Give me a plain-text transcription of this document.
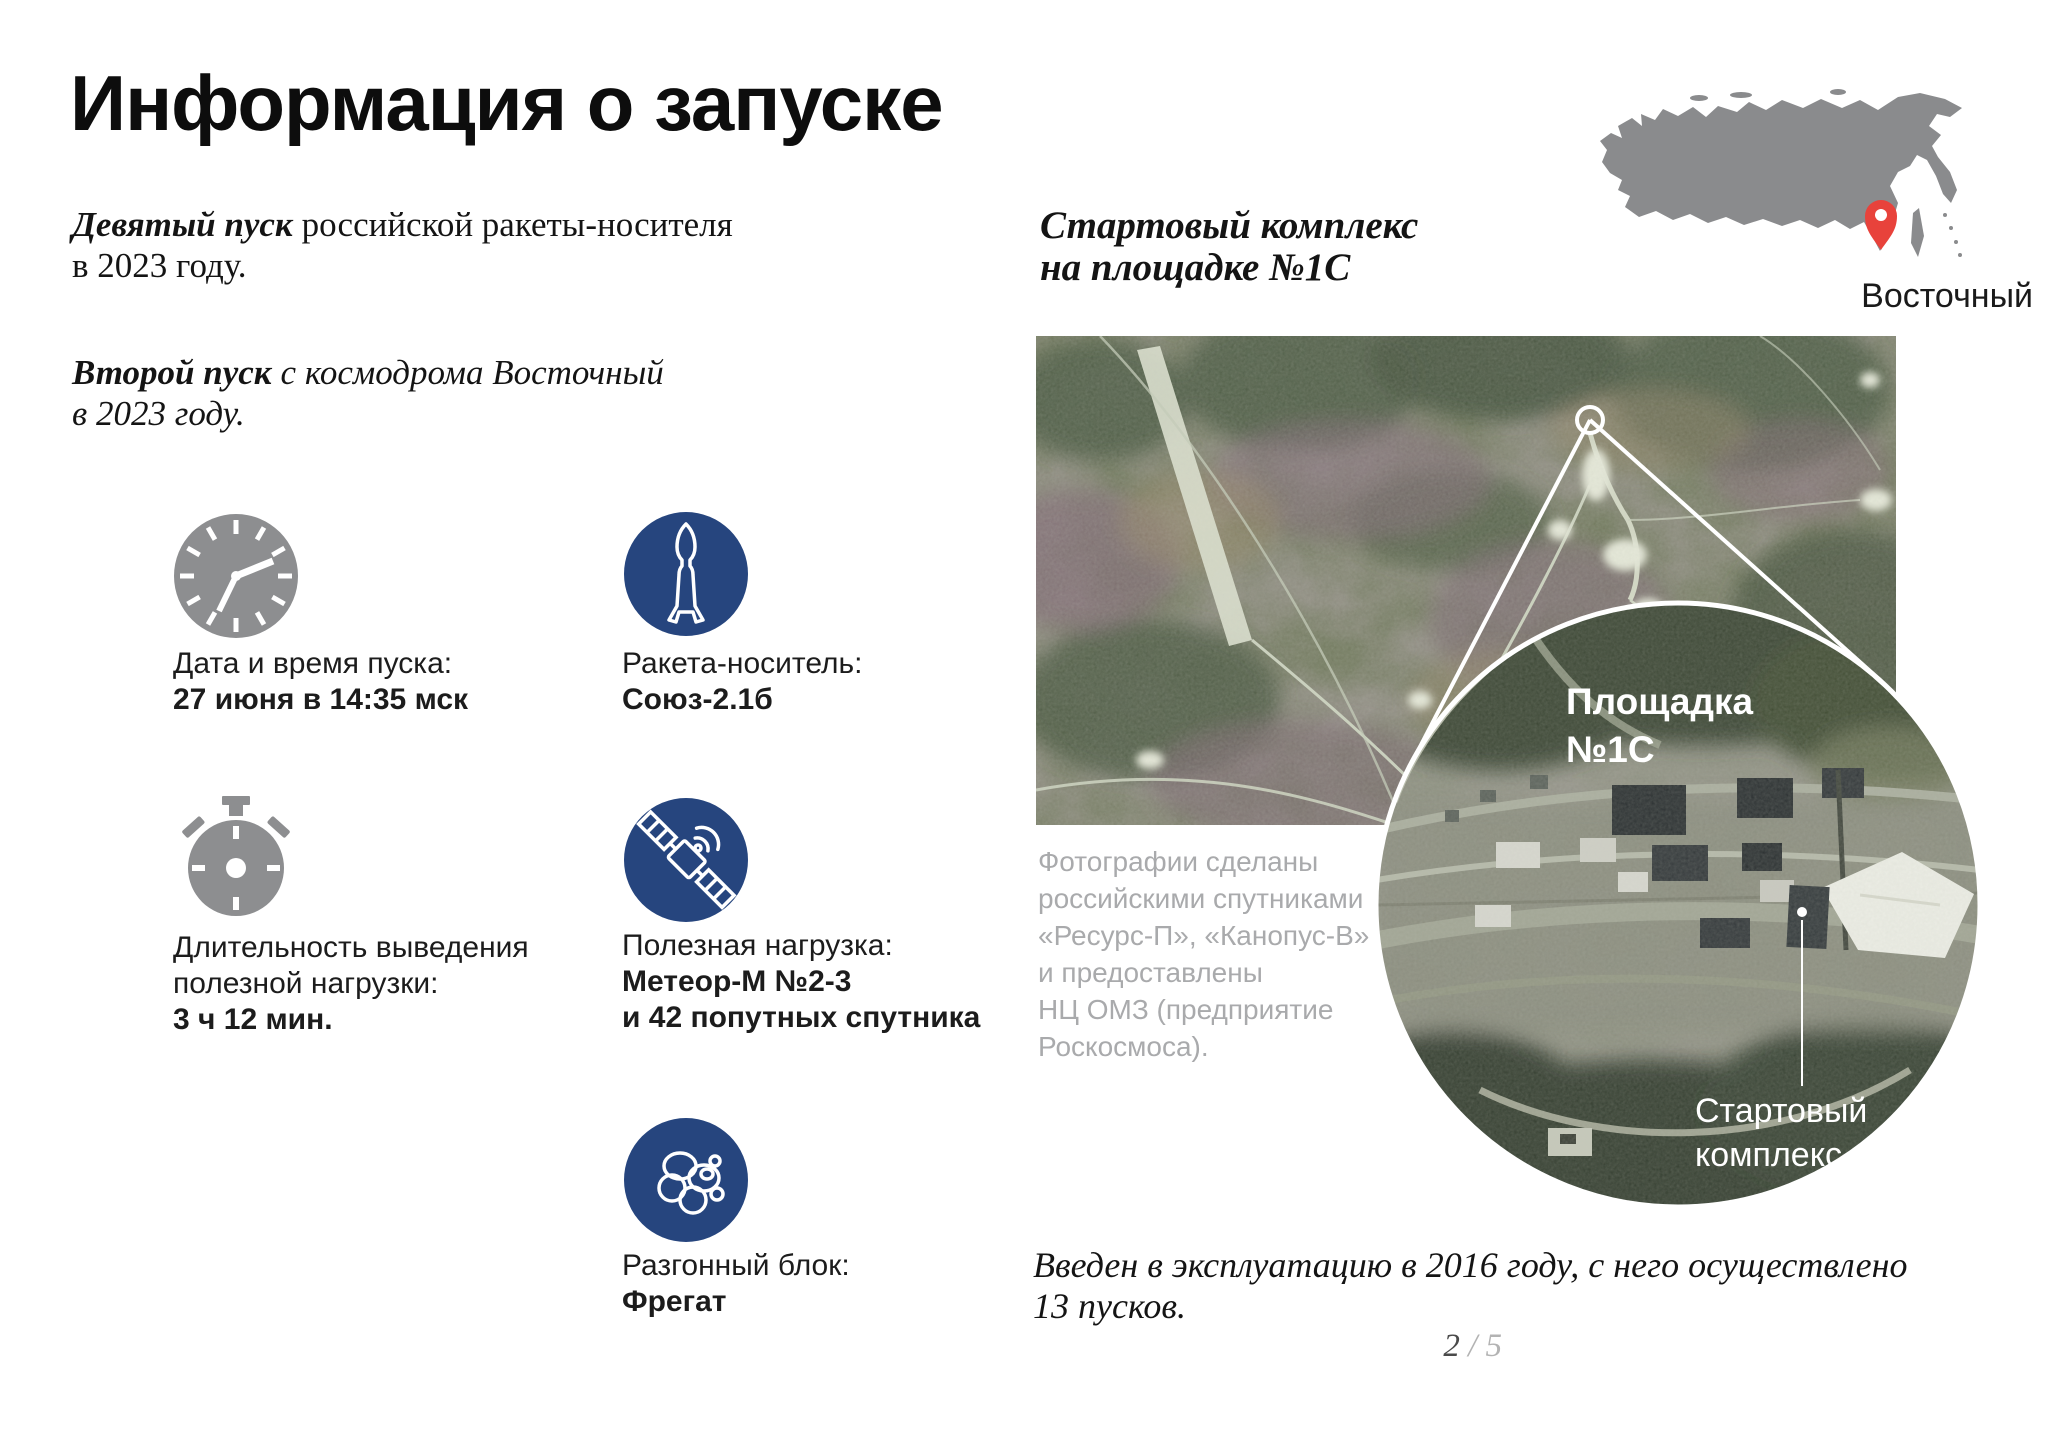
Площадка
№1С
Стартовый
комплекс
Восточный
Информация о запуске
Девятый пуск российской ракеты-носителя
в 2023 году.
Второй пуск с космодрома Восточный
в 2023 году.
Дата и время пуска:
27 июня в 14:35 мск
Ракета-носитель:
Союз-2.1б
Длительность выведения
полезной нагрузки:
3 ч 12 мин.
Полезная нагрузка:
Метеор-М №2-3
и 42 попутных спутника
Разгонный блок:
Фрегат
Стартовый комплекс
на площадке №1С
Фотографии сделаны
российскими спутниками
«Ресурс-П», «Канопус-В»
и предоставлены
НЦ ОМЗ (предприятие
Роскосмоса).
Введен в эксплуатацию в 2016 году, с него осуществлено
13 пусков.
2 / 5
